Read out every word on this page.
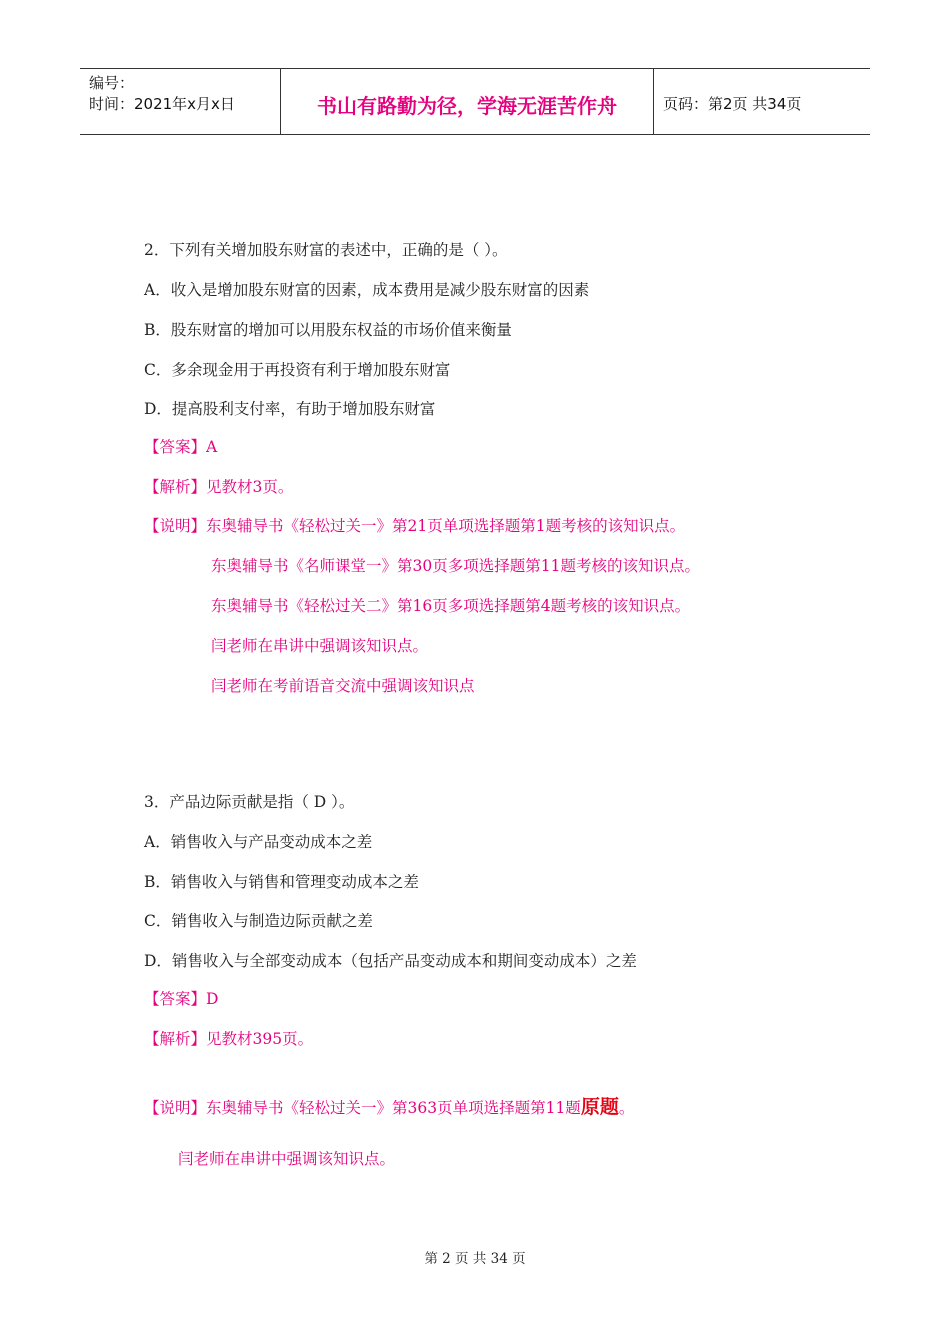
编号：
时间：2021年x月x日	书山有路勤为径，学海无涯苦作舟	页码：第2页 共34页
2．下列有关增加股东财富的表述中，正确的是（ ）。
A．收入是增加股东财富的因素，成本费用是减少股东财富的因素
B．股东财富的增加可以用股东权益的市场价值来衡量
C．多余现金用于再投资有利于增加股东财富
D．提高股利支付率，有助于增加股东财富
【答案】A
【解析】见教材3页。
【说明】东奥辅导书《轻松过关一》第21页单项选择题第1题考核的该知识点。
东奥辅导书《名师课堂一》第30页多项选择题第11题考核的该知识点。
东奥辅导书《轻松过关二》第16页多项选择题第4题考核的该知识点。
闫老师在串讲中强调该知识点。
闫老师在考前语音交流中强调该知识点
3．产品边际贡献是指（ D ）。
A．销售收入与产品变动成本之差
B．销售收入与销售和管理变动成本之差
C．销售收入与制造边际贡献之差
D．销售收入与全部变动成本（包括产品变动成本和期间变动成本）之差
【答案】D
【解析】见教材395页。
【说明】东奥辅导书《轻松过关一》第363页单项选择题第11题原题。
闫老师在串讲中强调该知识点。
第 2 页 共 34 页
